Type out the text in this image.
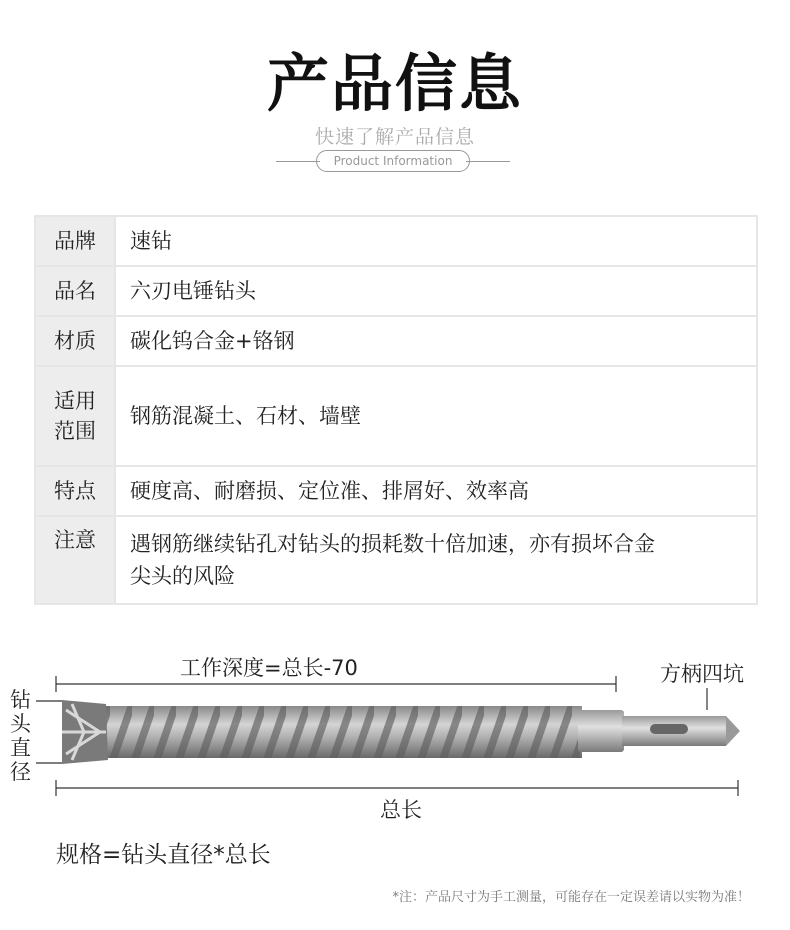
产品信息
快速了解产品信息
Product Information
品牌	速钻
品名	六刃电锤钻头
材质	碳化钨合金+铬钢

适用
范围	钢筋混凝土、石材、墙壁
特点	硬度高、耐磨损、定位准、排屑好、效率高
注意	遇钢筋继续钻孔对钻头的损耗数十倍加速，亦有损坏合金
尖头的风险
工作深度=总长-70	方柄四坑
钻
头
直
径
总长
规格=钻头直径*总长
*注：产品尺寸为手工测量，可能存在一定误差请以实物为准！
